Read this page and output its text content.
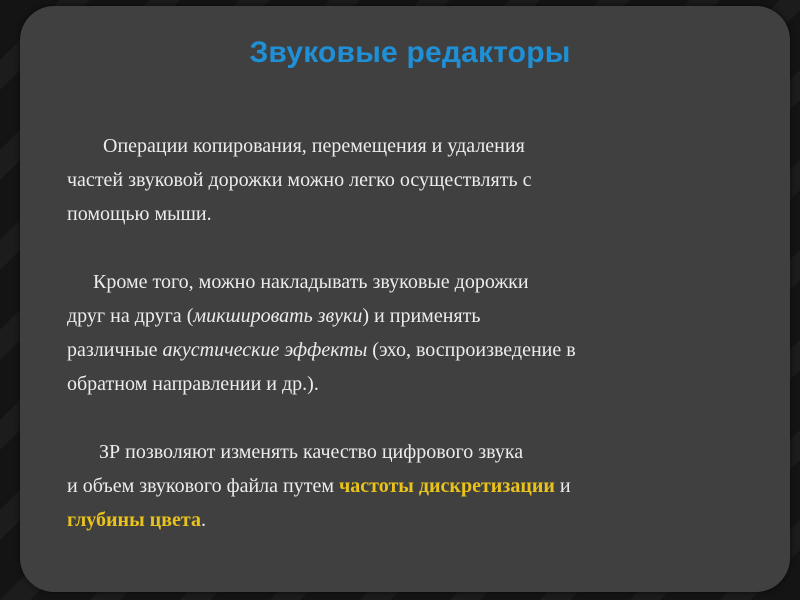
Звуковые редакторы
Операции копирования, перемещения и удаления
частей звуковой дорожки можно легко осуществлять с
помощью мыши.
Кроме того, можно накладывать звуковые дорожки
друг на друга (микшировать звуки) и применять
различные акустические эффекты (эхо, воспроизведение в
обратном направлении и др.).
ЗР позволяют изменять качество цифрового звука
и объем звукового файла путем частоты дискретизации и
глубины цвета.
